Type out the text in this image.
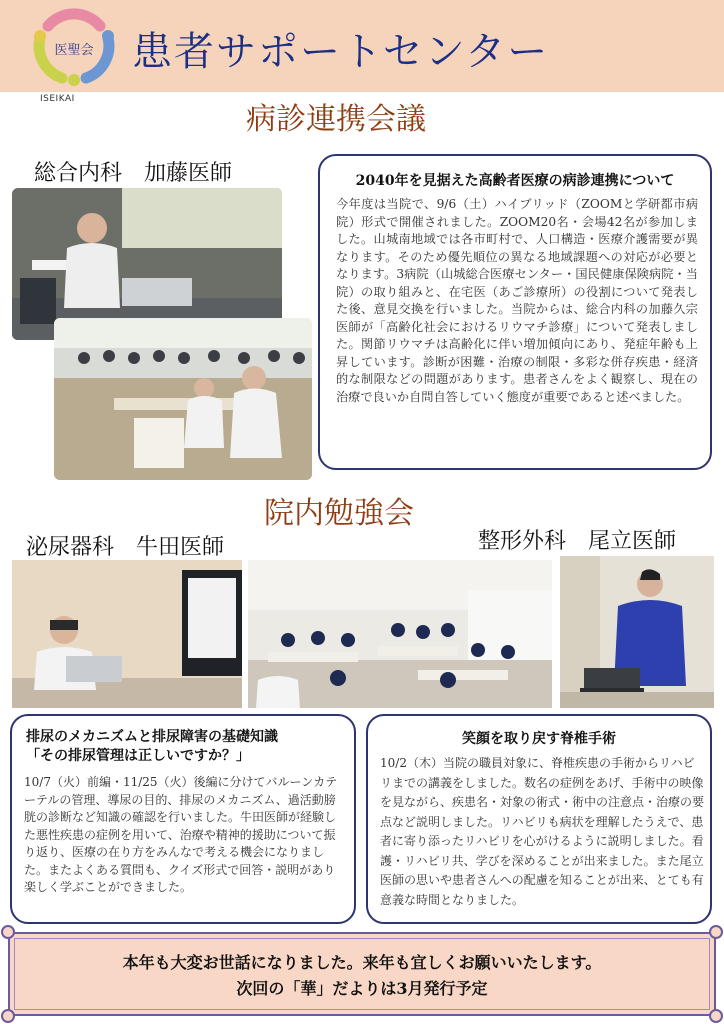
医聖会
ISEIKAI
患者サポートセンター
病診連携会議
総合内科　加藤医師	2040年を見据えた高齢者医療の病診連携について
今年度は当院で、9/6（土）ハイブリッド（ZOOMと学研都市病院）形式で開催されました。ZOOM20名・会場42名が参加しました。山城南地域では各市町村で、人口構造・医療介護需要が異なります。そのため優先順位の異なる地域課題への対応が必要となります。3病院（山城総合医療センター・国民健康保険病院・当院）の取り組みと、在宅医（あご診療所）の役割について発表した後、意見交換を行いました。当院からは、総合内科の加藤久宗医師が「高齢化社会におけるリウマチ診療」について発表しました。関節リウマチは高齢化に伴い増加傾向にあり、発症年齢も上昇しています。診断が困難・治療の制限・多彩な併存疾患・経済的な制限などの問題があります。患者さんをよく観察し、現在の治療で良いか自問自答していく態度が重要であると述べました。
院内勉強会
泌尿器科　牛田医師	整形外科　尾立医師
排尿のメカニズムと排尿障害の基礎知識
「その排尿管理は正しいですか？」
10/7（火）前編・11/25（火）後編に分けてバルーンカテーテルの管理、導尿の目的、排尿のメカニズム、過活動膀胱の診断など知識の確認を行いました。牛田医師が経験した悪性疾患の症例を用いて、治療や精神的援助について振り返り、医療の在り方をみんなで考える機会になりました。またよくある質問も、クイズ形式で回答・説明があり楽しく学ぶことができました。
笑顔を取り戻す脊椎手術
10/2（木）当院の職員対象に、脊椎疾患の手術からリハビリまでの講義をしました。数名の症例をあげ、手術中の映像を見ながら、疾患名・対象の術式・術中の注意点・治療の要点など説明しました。リハビリも病状を理解したうえで、患者に寄り添ったリハビリを心がけるように説明しました。看護・リハビリ共、学びを深めることが出来ました。また尾立医師の思いや患者さんへの配慮を知ることが出来、とても有意義な時間となりました。
本年も大変お世話になりました。来年も宜しくお願いいたします。
次回の「華」だよりは3月発行予定
